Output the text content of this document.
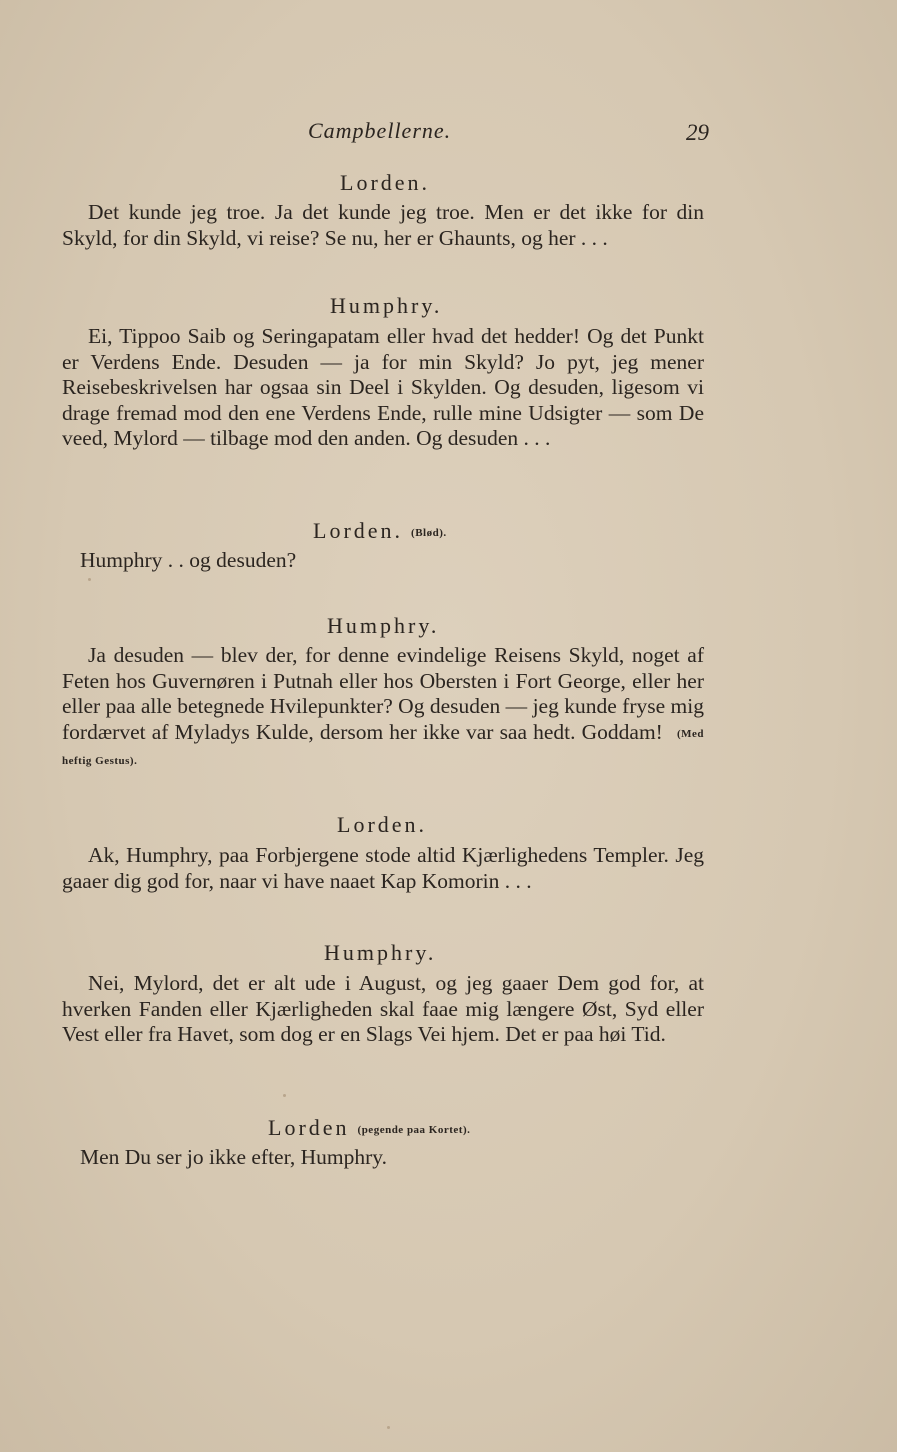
Campbellerne.	29
Lorden.
Det kunde jeg troe. Ja det kunde jeg troe. Men er det ikke for din Skyld, for din Skyld, vi reise? Se nu, her er Ghaunts, og her . . .
Humphry.
Ei, Tippoo Saib og Seringapatam eller hvad det hedder! Og det Punkt er Verdens Ende. Desuden — ja for min Skyld? Jo pyt, jeg mener Reisebeskrivelsen har ogsaa sin Deel i Skylden. Og desuden, ligesom vi drage fremad mod den ene Verdens Ende, rulle mine Udsigter — som De veed, Mylord — tilbage mod den anden. Og desuden . . .
Lorden. (Blød).
Humphry . . og desuden?
Humphry.
Ja desuden — blev der, for denne evindelige Reisens Skyld, noget af Feten hos Guvernøren i Putnah eller hos Obersten i Fort George, eller her eller paa alle betegnede Hvilepunkter? Og desuden — jeg kunde fryse mig fordærvet af Myladys Kulde, dersom her ikke var saa hedt. Goddam! (Med heftig Gestus).
Lorden.
Ak, Humphry, paa Forbjergene stode altid Kjærlighedens Templer. Jeg gaaer dig god for, naar vi have naaet Kap Komorin . . .
Humphry.
Nei, Mylord, det er alt ude i August, og jeg gaaer Dem god for, at hverken Fanden eller Kjærligheden skal faae mig længere Øst, Syd eller Vest eller fra Havet, som dog er en Slags Vei hjem. Det er paa høi Tid.
Lorden (pegende paa Kortet).
Men Du ser jo ikke efter, Humphry.
